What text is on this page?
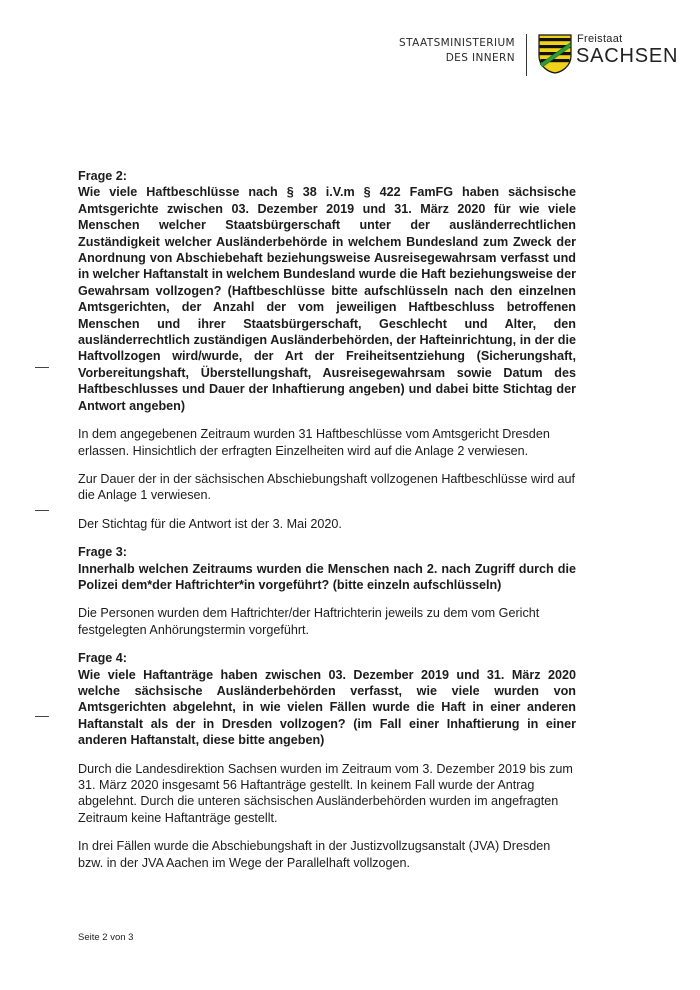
STAATSMINISTERIUM
DES INNERN
Freistaat
SACHSEN

Frage 2:

Wie viele Haftbeschlüsse nach § 38 i.V.m § 422 FamFG haben sächsische Amtsgerichte zwischen 03. Dezember 2019 und 31. März 2020 für wie viele Menschen welcher Staatsbürgerschaft unter der ausländerrechtlichen Zuständigkeit welcher Ausländerbehörde in welchem Bundesland zum Zweck der Anordnung von Abschiebehaft beziehungsweise Ausreisegewahrsam verfasst und in welcher Haftanstalt in welchem Bundesland wurde die Haft beziehungsweise der Gewahrsam vollzogen? (Haftbeschlüsse bitte aufschlüsseln nach den einzelnen Amtsgerichten, der Anzahl der vom jeweiligen Haftbeschluss betroffenen Menschen und ihrer Staatsbürgerschaft, Geschlecht und Alter, den ausländerrechtlich zuständigen Ausländerbehörden, der Hafteinrichtung, in der die Haftvollzogen wird/wurde, der Art der Freiheitsentziehung (Sicherungshaft, Vorbereitungshaft, Überstellungshaft, Ausreisegewahrsam sowie Datum des Haftbeschlusses und Dauer der Inhaftierung angeben) und dabei bitte Stichtag der Antwort angeben)

In dem angegebenen Zeitraum wurden 31 Haftbeschlüsse vom Amtsgericht Dresden erlassen. Hinsichtlich der erfragten Einzelheiten wird auf die Anlage 2 verwiesen.

Zur Dauer der in der sächsischen Abschiebungshaft vollzogenen Haftbeschlüsse wird auf die Anlage 1 verwiesen.

Der Stichtag für die Antwort ist der 3. Mai 2020.

Frage 3:

Innerhalb welchen Zeitraums wurden die Menschen nach 2. nach Zugriff durch die Polizei dem*der Haftrichter*in vorgeführt? (bitte einzeln aufschlüsseln)

Die Personen wurden dem Haftrichter/der Haftrichterin jeweils zu dem vom Gericht festgelegten Anhörungstermin vorgeführt.

Frage 4:

Wie viele Haftanträge haben zwischen 03. Dezember 2019 und 31. März 2020 welche sächsische Ausländerbehörden verfasst, wie viele wurden von Amtsgerichten abgelehnt, in wie vielen Fällen wurde die Haft in einer anderen Haftanstalt als der in Dresden vollzogen? (im Fall einer Inhaftierung in einer anderen Haftanstalt, diese bitte angeben)

Durch die Landesdirektion Sachsen wurden im Zeitraum vom 3. Dezember 2019 bis zum 31. März 2020 insgesamt 56 Haftanträge gestellt. In keinem Fall wurde der Antrag abgelehnt. Durch die unteren sächsischen Ausländerbehörden wurden im angefragten Zeitraum keine Haftanträge gestellt.

In drei Fällen wurde die Abschiebungshaft in der Justizvollzugsanstalt (JVA) Dresden bzw. in der JVA Aachen im Wege der Parallelhaft vollzogen.

Seite 2 von 3
